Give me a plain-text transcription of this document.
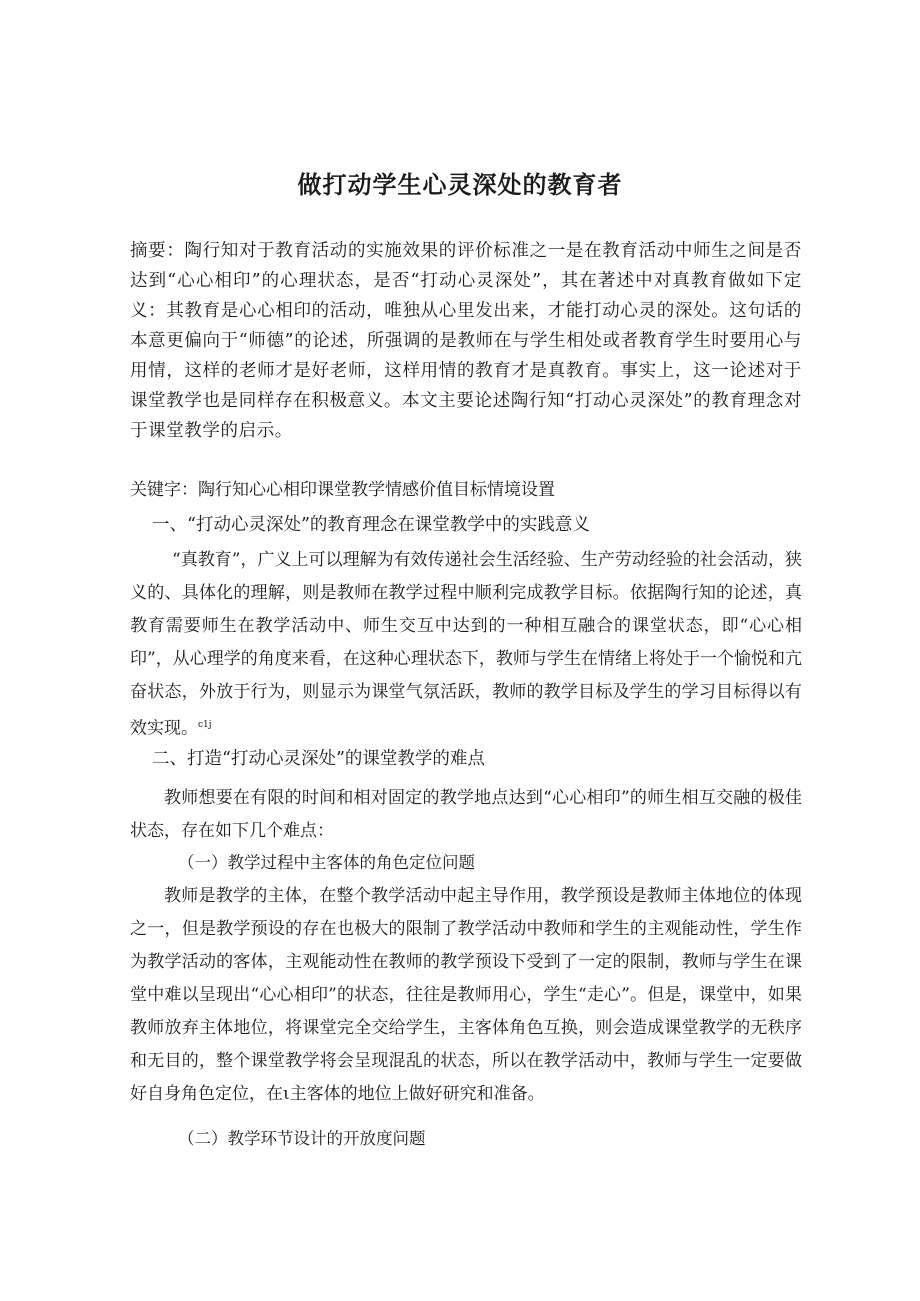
做打动学生心灵深处的教育者
摘要：陶行知对于教育活动的实施效果的评价标准之一是在教育活动中师生之间是否达到“心心相印”的心理状态，是否“打动心灵深处”，其在著述中对真教育做如下定义：其教育是心心相印的活动，唯独从心里发出来，才能打动心灵的深处。这句话的本意更偏向于“师德”的论述，所强调的是教师在与学生相处或者教育学生时要用心与用情，这样的老师才是好老师，这样用情的教育才是真教育。事实上，这一论述对于课堂教学也是同样存在积极意义。本文主要论述陶行知“打动心灵深处”的教育理念对于课堂教学的启示。
关键字：陶行知心心相印课堂教学情感价值目标情境设置
一、“打动心灵深处”的教育理念在课堂教学中的实践意义
“真教育”，广义上可以理解为有效传递社会生活经验、生产劳动经验的社会活动，狭义的、具体化的理解，则是教师在教学过程中顺利完成教学目标。依据陶行知的论述，真教育需要师生在教学活动中、师生交互中达到的一种相互融合的课堂状态，即“心心相印”，从心理学的角度来看，在这种心理状态下，教师与学生在情绪上将处于一个愉悦和亢奋状态，外放于行为，则显示为课堂气氛活跃，教师的教学目标及学生的学习目标得以有效实现。$^{c1j}$
二、打造“打动心灵深处”的课堂教学的难点
教师想要在有限的时间和相对固定的教学地点达到“心心相印”的师生相互交融的极佳状态，存在如下几个难点：
（一）教学过程中主客体的角色定位问题
教师是教学的主体，在整个教学活动中起主导作用，教学预设是教师主体地位的体现之一，但是教学预设的存在也极大的限制了教学活动中教师和学生的主观能动性，学生作为教学活动的客体，主观能动性在教师的教学预设下受到了一定的限制，教师与学生在课堂中难以呈现出“心心相印”的状态，往往是教师用心，学生“走心”。但是，课堂中，如果教师放弃主体地位，将课堂完全交给学生，主客体角色互换，则会造成课堂教学的无秩序和无目的，整个课堂教学将会呈现混乱的状态，所以在教学活动中，教师与学生一定要做好自身角色定位，在ι主客体的地位上做好研究和准备。
（二）教学环节设计的开放度问题
